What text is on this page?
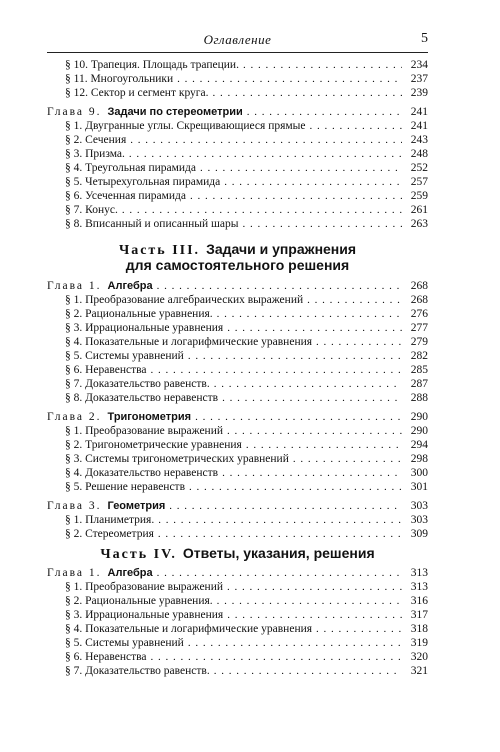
Оглавление	5
§ 10. Трапеция. Площадь трапеции. . . .	234
§ 11. Многоугольники . . .	237
§ 12. Сектор и сегмент круга. . . .	239
Глава 9. Задачи по стереометрии . . .	241
§ 1. Двугранные углы. Скрещивающиеся прямые . . .	241
§ 2. Сечения . . .	243
§ 3. Призма. . . .	248
§ 4. Треугольная пирамида . . .	252
§ 5. Четырехугольная пирамида . . .	257
§ 6. Усеченная пирамида . . .	259
§ 7. Конус. . . .	261
§ 8. Вписанный и описанный шары . . .	263
Часть III. Задачи и упражнения
для самостоятельного решения
Глава 1. Алгебра . . .	268
§ 1. Преобразование алгебраических выражений . . .	268
§ 2. Рациональные уравнения. . . .	276
§ 3. Иррациональные уравнения . . .	277
§ 4. Показательные и логарифмические уравнения . . .	279
§ 5. Системы уравнений . . .	282
§ 6. Неравенства . . .	285
§ 7. Доказательство равенств. . . .	287
§ 8. Доказательство неравенств . . .	288
Глава 2. Тригонометрия . . .	290
§ 1. Преобразование выражений . . .	290
§ 2. Тригонометрические уравнения . . .	294
§ 3. Системы тригонометрических уравнений . . .	298
§ 4. Доказательство неравенств . . .	300
§ 5. Решение неравенств . . .	301
Глава 3. Геометрия . . .	303
§ 1. Планиметрия. . . .	303
§ 2. Стереометрия . . .	309
Часть IV. Ответы, указания, решения
Глава 1. Алгебра . . .	313
§ 1. Преобразование выражений . . .	313
§ 2. Рациональные уравнения. . . .	316
§ 3. Иррациональные уравнения . . .	317
§ 4. Показательные и логарифмические уравнения . . .	318
§ 5. Системы уравнений . . .	319
§ 6. Неравенства . . .	320
§ 7. Доказательство равенств. . . .	321
